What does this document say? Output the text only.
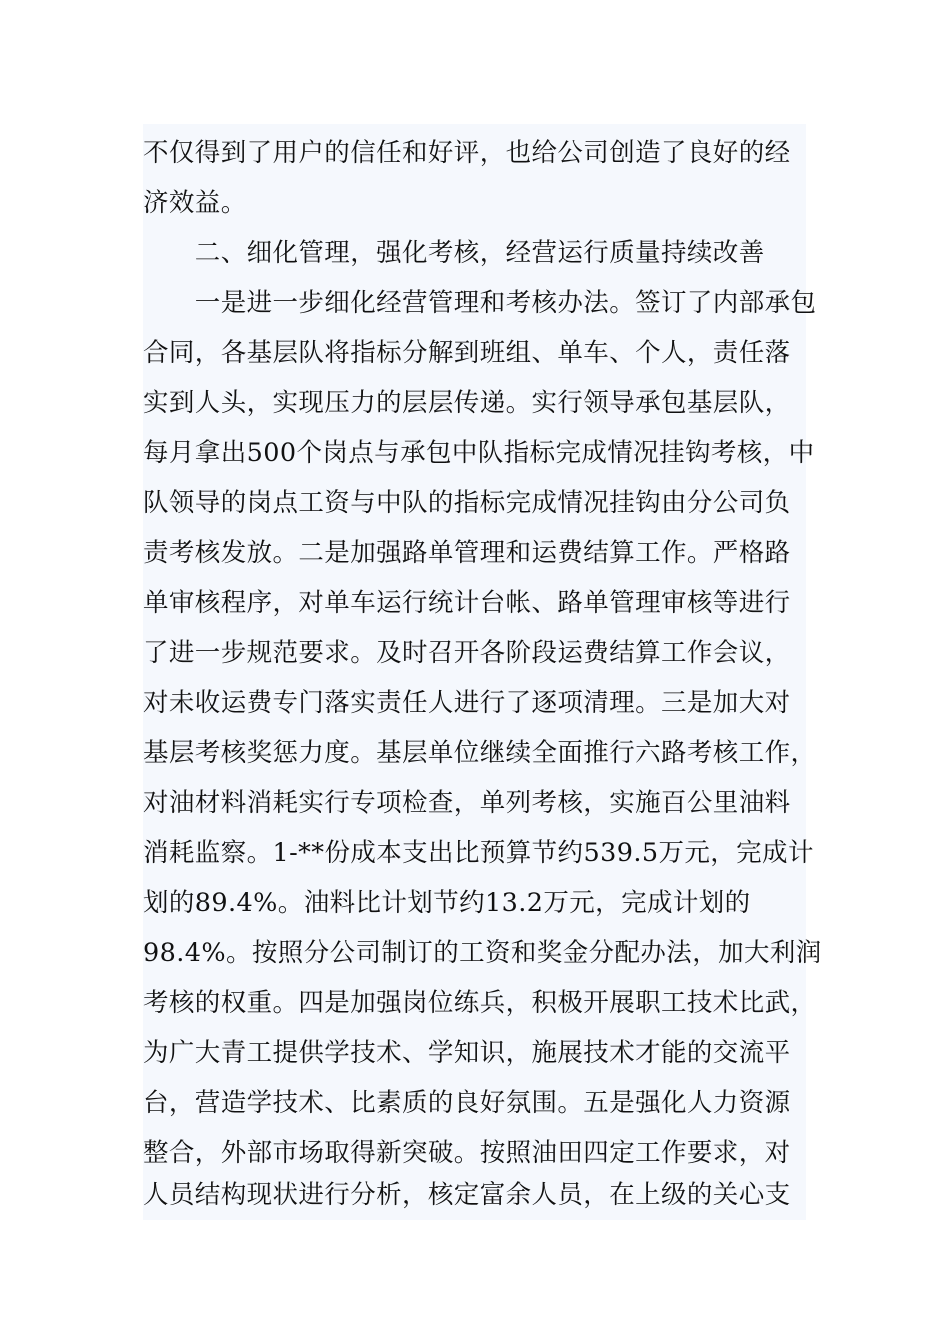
不仅得到了用户的信任和好评，也给公司创造了良好的经
济效益。
　　二、细化管理，强化考核，经营运行质量持续改善
　　一是进一步细化经营管理和考核办法。签订了内部承包
合同，各基层队将指标分解到班组、单车、个人，责任落
实到人头，实现压力的层层传递。实行领导承包基层队，
每月拿出500个岗点与承包中队指标完成情况挂钩考核，中
队领导的岗点工资与中队的指标完成情况挂钩由分公司负
责考核发放。二是加强路单管理和运费结算工作。严格路
单审核程序，对单车运行统计台帐、路单管理审核等进行
了进一步规范要求。及时召开各阶段运费结算工作会议，
对未收运费专门落实责任人进行了逐项清理。三是加大对
基层考核奖惩力度。基层单位继续全面推行六路考核工作，
对油材料消耗实行专项检查，单列考核，实施百公里油料
消耗监察。1-**份成本支出比预算节约539.5万元，完成计
划的89.4%。油料比计划节约13.2万元，完成计划的
98.4%。按照分公司制订的工资和奖金分配办法，加大利润
考核的权重。四是加强岗位练兵，积极开展职工技术比武，
为广大青工提供学技术、学知识，施展技术才能的交流平
台，营造学技术、比素质的良好氛围。五是强化人力资源
整合，外部市场取得新突破。按照油田四定工作要求，对
人员结构现状进行分析，核定富余人员，在上级的关心支
